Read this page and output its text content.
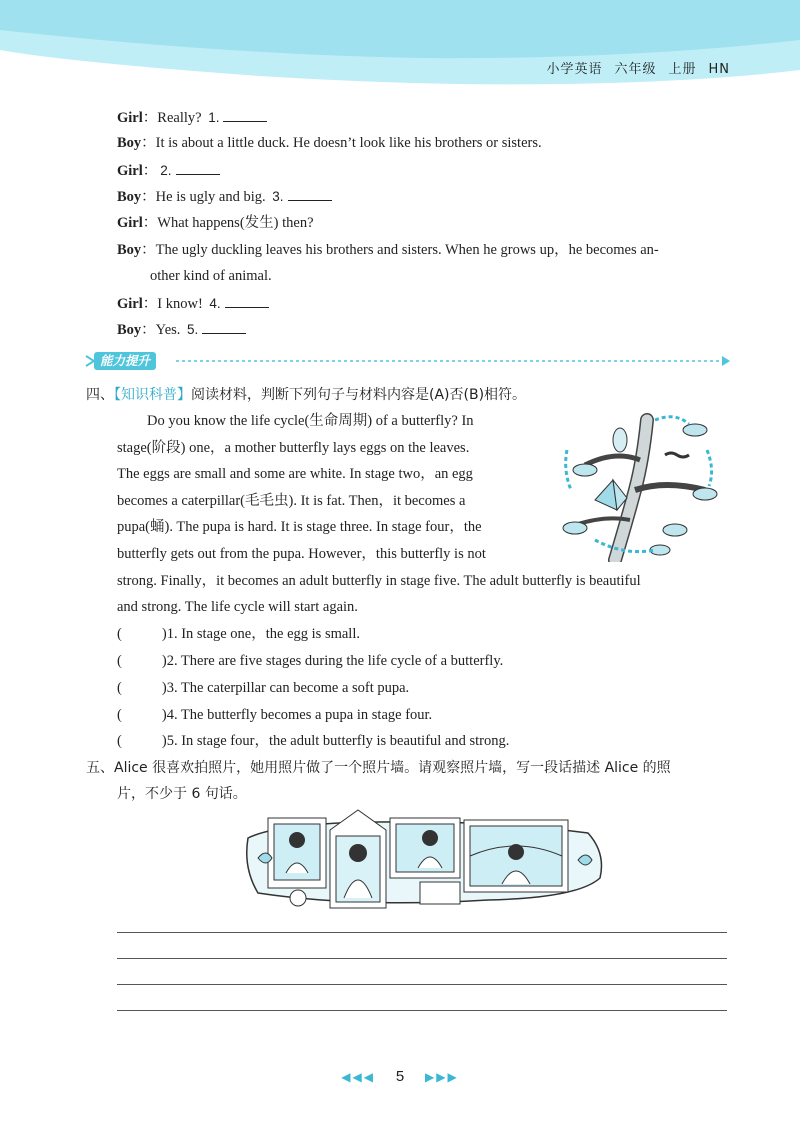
小学英语 六年级 上册 HN
Girl：Really? 1.
Boy：It is about a little duck. He doesn’t look like his brothers or sisters.
Girl： 2.
Boy：He is ugly and big. 3.
Girl：What happens(发生) then?
Boy：The ugly duckling leaves his brothers and sisters. When he grows up，he becomes an-
other kind of animal.
Girl：I know! 4.
Boy：Yes. 5.
能力提升
四、【知识科普】阅读材料，判断下列句子与材料内容是(A)否(B)相符。
Do you know the life cycle(生命周期) of a butterfly? In
stage(阶段) one，a mother butterfly lays eggs on the leaves.
The eggs are small and some are white. In stage two，an egg
becomes a caterpillar(毛毛虫). It is fat. Then，it becomes a
pupa(蛹). The pupa is hard. It is stage three. In stage four，the
butterfly gets out from the pupa. However，this butterfly is not
strong. Finally，it becomes an adult butterfly in stage five. The adult butterfly is beautiful
and strong. The life cycle will start again.
(	)1. In stage one，the egg is small.
(	)2. There are five stages during the life cycle of a butterfly.
(	)3. The caterpillar can become a soft pupa.
(	)4. The butterfly becomes a pupa in stage four.
(	)5. In stage four，the adult butterfly is beautiful and strong.
五、Alice 很喜欢拍照片，她用照片做了一个照片墙。请观察照片墙，写一段话描述 Alice 的照
片，不少于 6 句话。
◀◀◀ 5 ▶▶▶
